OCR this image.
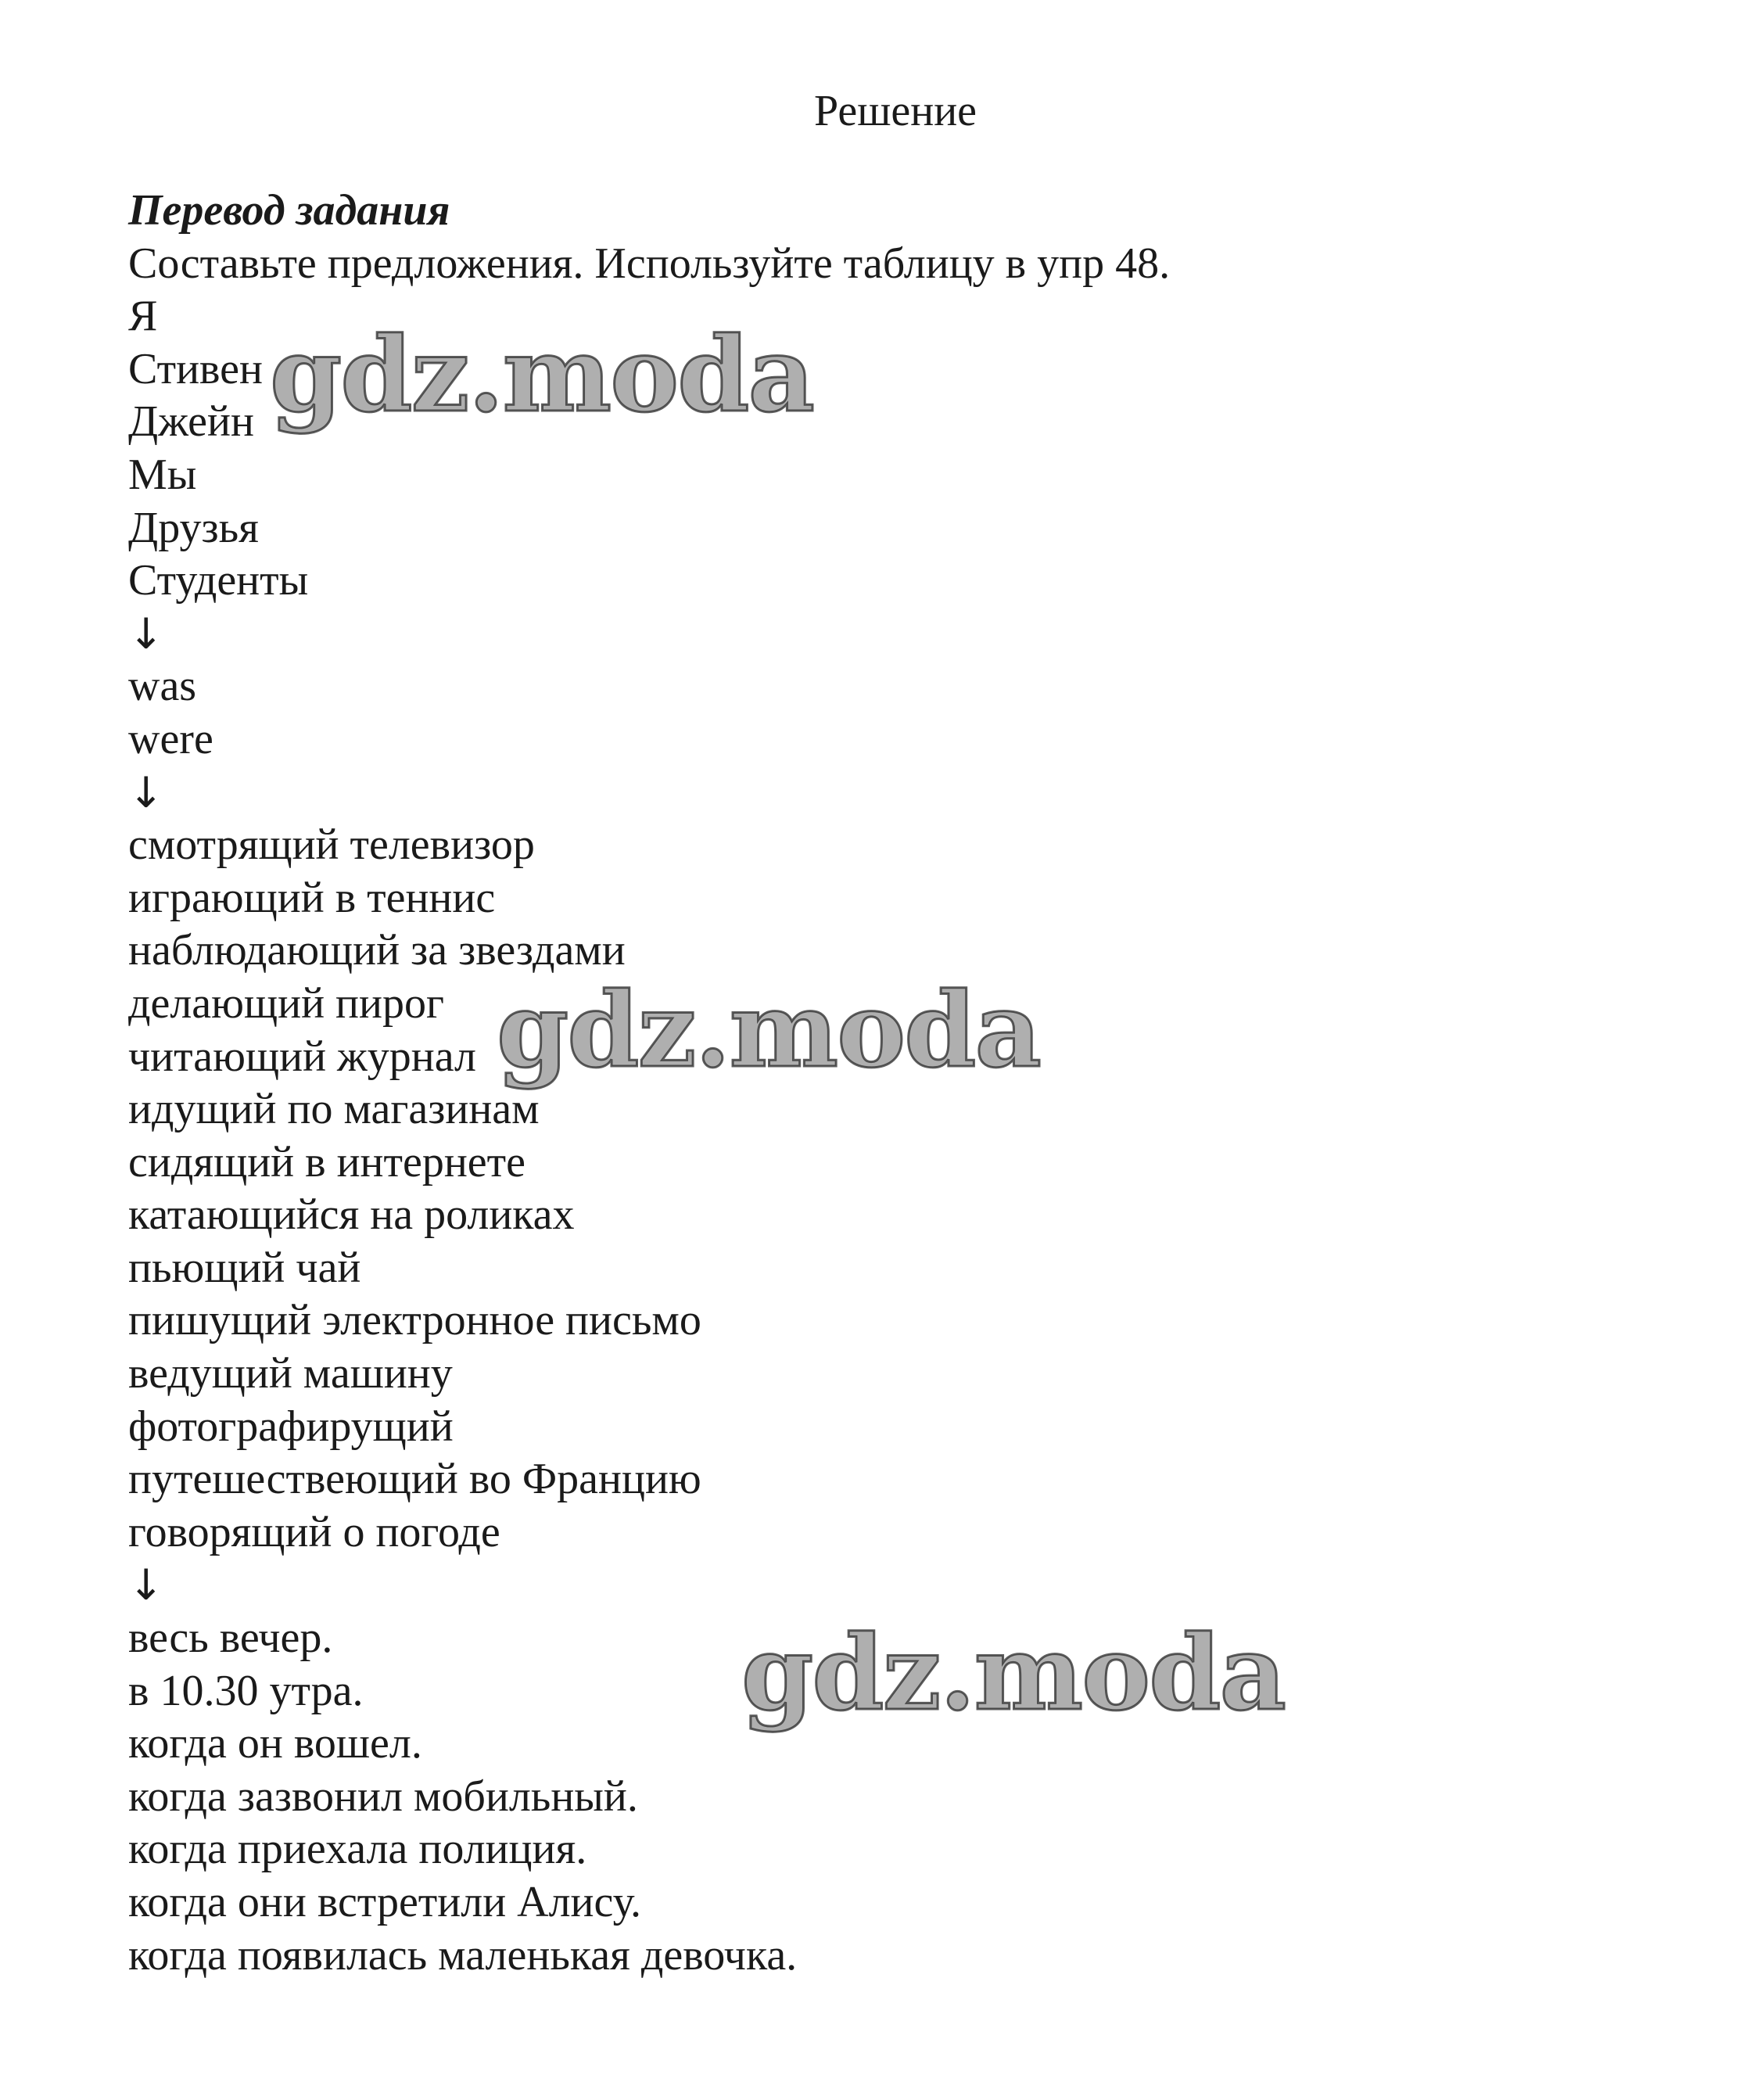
Решение
Перевод задания
Составьте предложения. Используйте таблицу в упр 48.
Я
Стивен
Джейн
Мы
Друзья
Студенты
↓
was
were
↓
смотрящий телевизор
играющий в теннис
наблюдающий за звездами
делающий пирог
читающий журнал
идущий по магазинам
сидящий в интернете
катающийся на роликах
пьющий чай
пишущий электронное письмо
ведущий машину
фотографирущий
путешествеющий во Францию
говорящий о погоде
↓
весь вечер.
в 10.30 утра.
когда он вошел.
когда зазвонил мобильный.
когда приехала полиция.
когда они встретили Алису.
когда появилась маленькая девочка.
gdz.moda
gdz.moda
gdz.moda
